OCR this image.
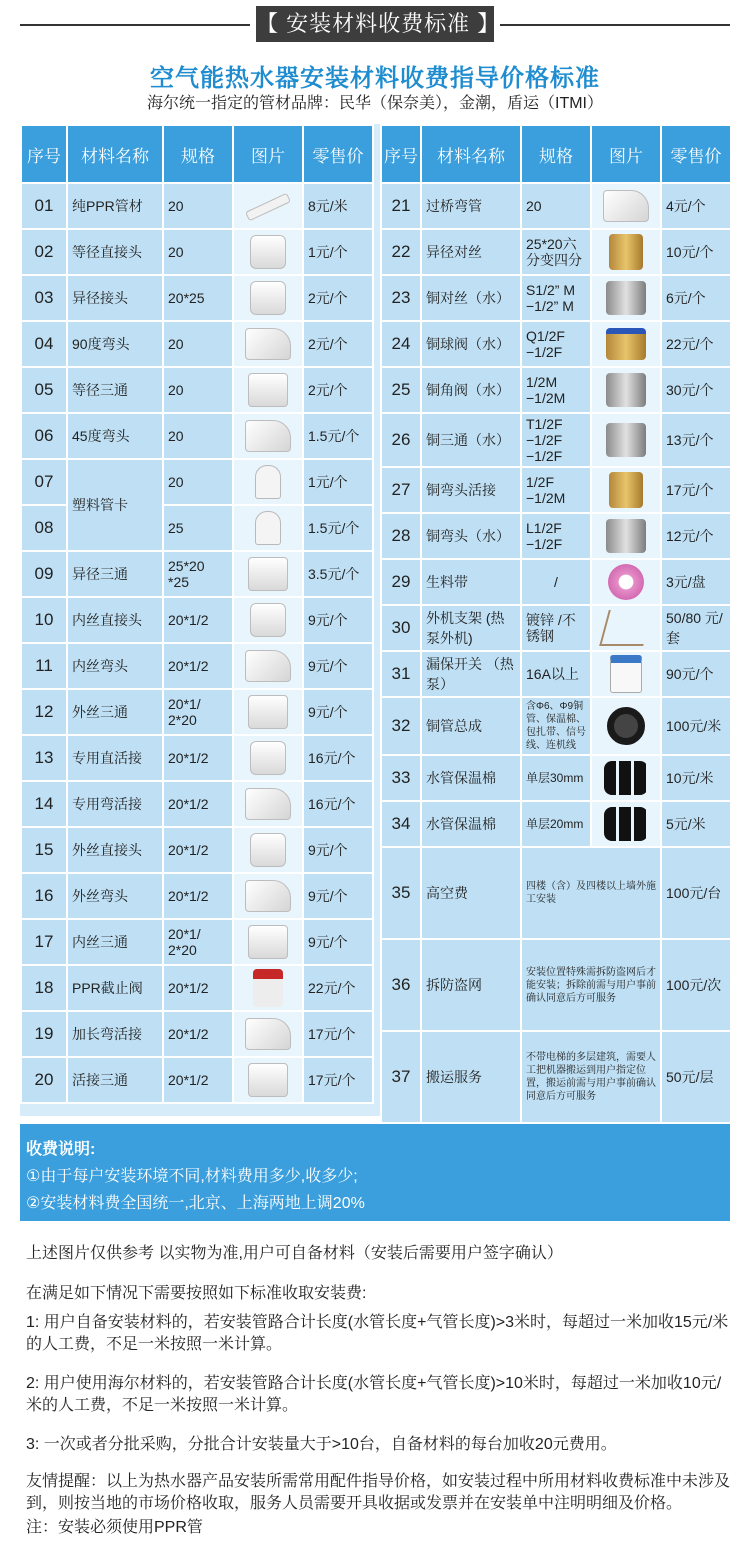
【 安装材料收费标准 】
空气能热水器安装材料收费指导价格标准
海尔统一指定的管材品牌：民华（保奈美），金潮，盾运（ITMI）
序号	材料名称	规格	图片	零售价
01	纯PPR管材	20		8元/米
02	等径直接头	20		1元/个
03	异径接头	20*25		2元/个
04	90度弯头	20		2元/个
05	等径三通	20		2元/个
06	45度弯头	20		1.5元/个
07	塑料管卡	20		1元/个
08		25		1.5元/个
09	异径三通	25*20 *25		3.5元/个
10	内丝直接头	20*1/2		9元/个
11	内丝弯头	20*1/2		9元/个
12	外丝三通	20*1/ 2*20		9元/个
13	专用直活接	20*1/2		16元/个
14	专用弯活接	20*1/2		16元/个
15	外丝直接头	20*1/2		9元/个
16	外丝弯头	20*1/2		9元/个
17	内丝三通	20*1/ 2*20		9元/个
18	PPR截止阀	20*1/2		22元/个
19	加长弯活接	20*1/2		17元/个
20	活接三通	20*1/2		17元/个
序号	材料名称	规格	图片	零售价
21	过桥弯管	20		4元/个
22	异径对丝	25*20六 分变四分		10元/个
23	铜对丝（水）	S1/2” M −1/2” M		6元/个
24	铜球阀（水）	Q1/2F −1/2F		22元/个
25	铜角阀（水）	1/2M −1/2M		30元/个
26	铜三通（水）	T1/2F −1/2F −1/2F		13元/个
27	铜弯头活接	1/2F −1/2M		17元/个
28	铜弯头（水）	L1/2F −1/2F		12元/个
29	生料带	/		3元/盘
30	外机支架 (热泵外机)	镀锌 /不锈钢		50/80 元/套
31	漏保开关 （热泵）	16A以上		90元/个
32	铜管总成	含Φ6、Φ9铜管、保温棉、包扎带、信号线、连机线		100元/米
33	水管保温棉	单层30mm		10元/米
34	水管保温棉	单层20mm		5元/米
35	高空费	四楼（含）及四楼以上墙外施工安装		100元/台
36	拆防盗网	安装位置特殊需拆防盗网后才能安装；拆除前需与用户事前确认同意后方可服务		100元/次
37	搬运服务	不带电梯的多层建筑，需要人工把机器搬运到用户指定位置，搬运前需与用户事前确认同意后方可服务		50元/层
收费说明:
①由于每户安装环境不同,材料费用多少,收多少;
②安装材料费全国统一,北京、上海两地上调20%
上述图片仅供参考 以实物为准,用户可自备材料（安装后需要用户签字确认）
在满足如下情况下需要按照如下标准收取安装费:
1: 用户自备安装材料的，若安装管路合计长度(水管长度+气管长度)>3米时，每超过一米加收15元/米的人工费，不足一米按照一米计算。
2: 用户使用海尔材料的，若安装管路合计长度(水管长度+气管长度)>10米时，每超过一米加收10元/米的人工费，不足一米按照一米计算。
3: 一次或者分批采购，分批合计安装量大于>10台，自备材料的每台加收20元费用。
友情提醒：以上为热水器产品安装所需常用配件指导价格，如安装过程中所用材料收费标准中未涉及到，则按当地的市场价格收取，服务人员需要开具收据或发票并在安装单中注明明细及价格。
注：安装必须使用PPR管
